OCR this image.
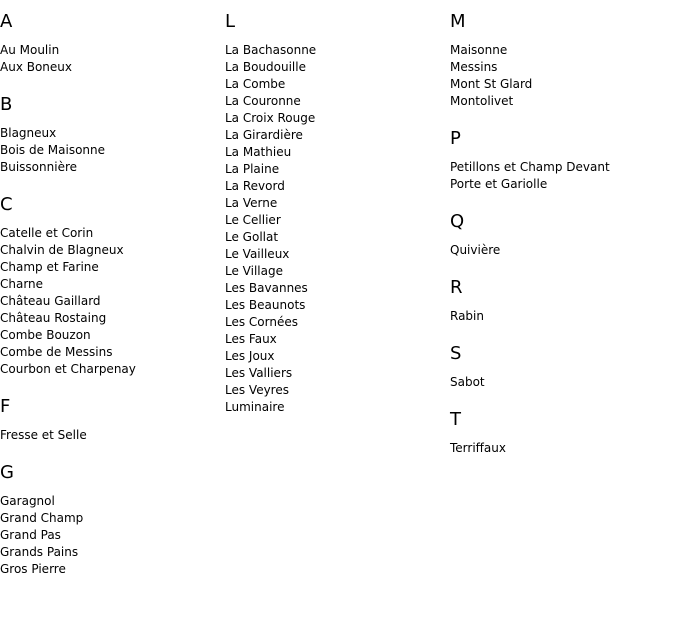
A
Au Moulin
Aux Boneux
B
Blagneux
Bois de Maisonne
Buissonnière
C
Catelle et Corin
Chalvin de Blagneux
Champ et Farine
Charne
Château Gaillard
Château Rostaing
Combe Bouzon
Combe de Messins
Courbon et Charpenay
F
Fresse et Selle
G
Garagnol
Grand Champ
Grand Pas
Grands Pains
Gros Pierre
L
La Bachasonne
La Boudouille
La Combe
La Couronne
La Croix Rouge
La Girardière
La Mathieu
La Plaine
La Revord
La Verne
Le Cellier
Le Gollat
Le Vailleux
Le Village
Les Bavannes
Les Beaunots
Les Cornées
Les Faux
Les Joux
Les Valliers
Les Veyres
Luminaire
M
Maisonne
Messins
Mont St Glard
Montolivet
P
Petillons et Champ Devant
Porte et Gariolle
Q
Quivière
R
Rabin
S
Sabot
T
Terriffaux
